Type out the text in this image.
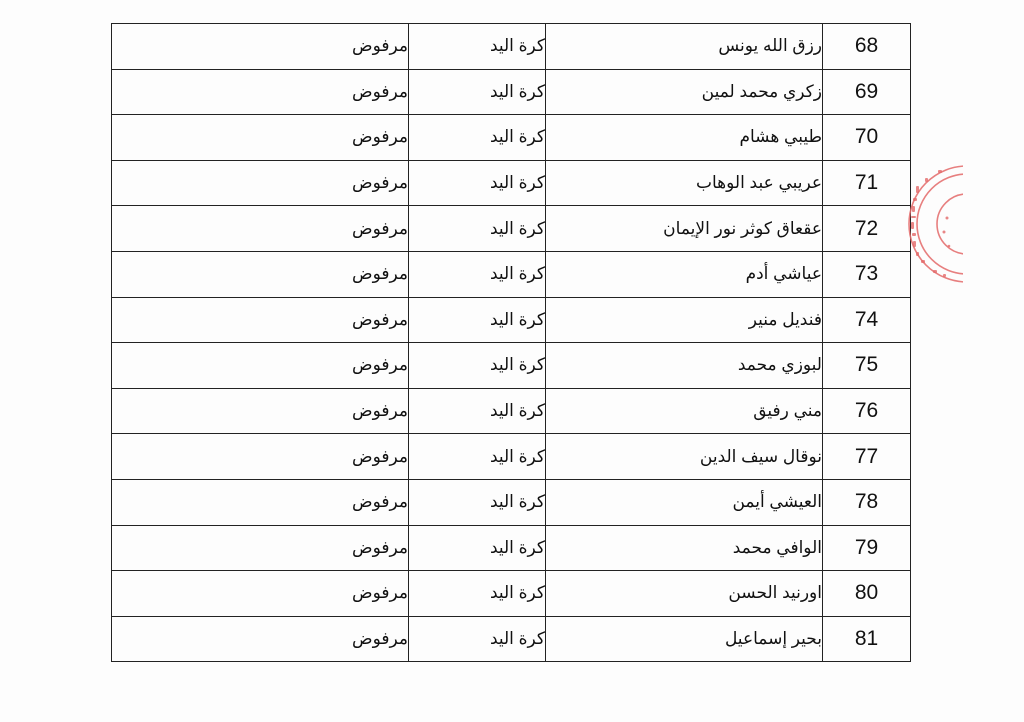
68	رزق الله يونس	كرة اليد	مرفوض
69	زكري محمد لمين	كرة اليد	مرفوض
70	طيبي هشام	كرة اليد	مرفوض
71	عريبي عبد الوهاب	كرة اليد	مرفوض
72	عقعاق كوثر نور الإيمان	كرة اليد	مرفوض
73	عياشي أدم	كرة اليد	مرفوض
74	فنديل منير	كرة اليد	مرفوض
75	لبوزي محمد	كرة اليد	مرفوض
76	مني رفيق	كرة اليد	مرفوض
77	نوقال سيف الدين	كرة اليد	مرفوض
78	العيشي أيمن	كرة اليد	مرفوض
79	الوافي محمد	كرة اليد	مرفوض
80	اورنيد الحسن	كرة اليد	مرفوض
81	بحير إسماعيل	كرة اليد	مرفوض
